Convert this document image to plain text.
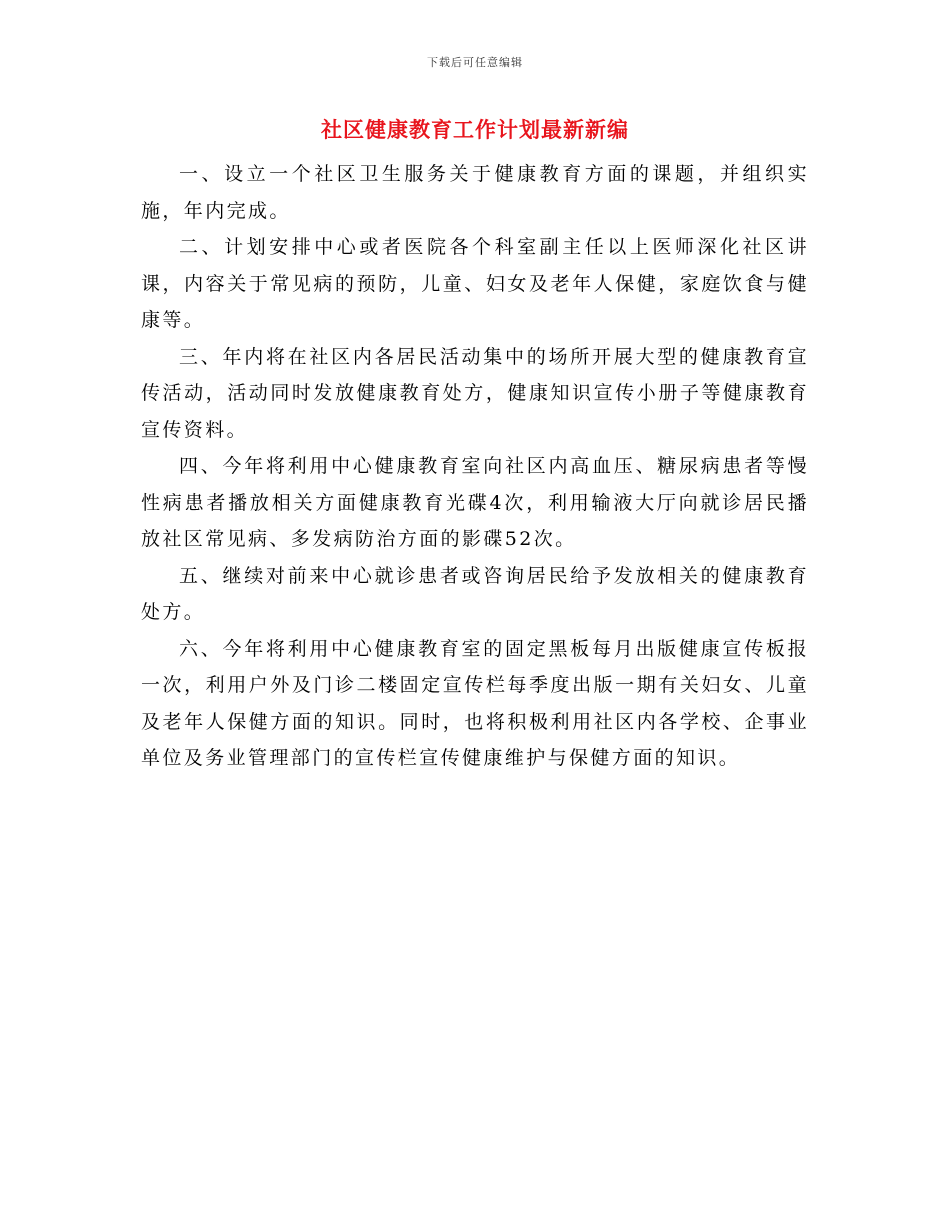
下载后可任意编辑
社区健康教育工作计划最新新编

一、设立一个社区卫生服务关于健康教育方面的课题，并组织实施，年内完成。

二、计划安排中心或者医院各个科室副主任以上医师深化社区讲课，内容关于常见病的预防，儿童、妇女及老年人保健，家庭饮食与健康等。

三、年内将在社区内各居民活动集中的场所开展大型的健康教育宣传活动，活动同时发放健康教育处方，健康知识宣传小册子等健康教育宣传资料。

四、今年将利用中心健康教育室向社区内高血压、糖尿病患者等慢性病患者播放相关方面健康教育光碟4次，利用输液大厅向就诊居民播放社区常见病、多发病防治方面的影碟52次。

五、继续对前来中心就诊患者或咨询居民给予发放相关的健康教育处方。

六、今年将利用中心健康教育室的固定黑板每月出版健康宣传板报一次，利用户外及门诊二楼固定宣传栏每季度出版一期有关妇女、儿童及老年人保健方面的知识。同时，也将积极利用社区内各学校、企事业单位及务业管理部门的宣传栏宣传健康维护与保健方面的知识。
